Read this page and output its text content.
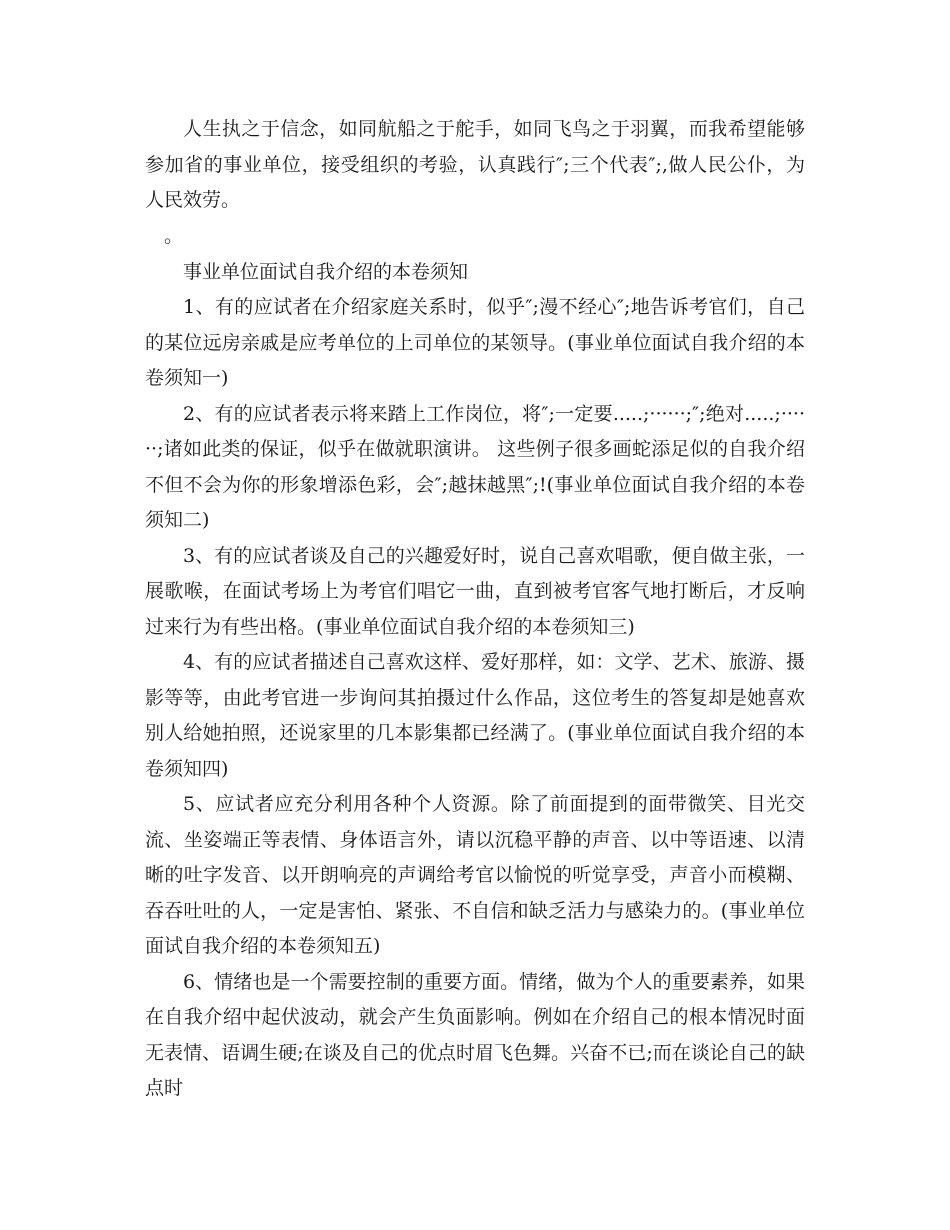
人生执之于信念，如同航船之于舵手，如同飞鸟之于羽翼，而我希望能够参加省的事业单位，接受组织的考验，认真践行″;三个代表″;,做人民公仆，为人民效劳。

。

事业单位面试自我介绍的本卷须知

1、有的应试者在介绍家庭关系时，似乎″;漫不经心″;地告诉考官们，自己的某位远房亲戚是应考单位的上司单位的某领导。(事业单位面试自我介绍的本卷须知一)

2、有的应试者表示将来踏上工作岗位，将″;一定要.....;······;″;绝对.....;······;诸如此类的保证，似乎在做就职演讲。 这些例子很多画蛇添足似的自我介绍不但不会为你的形象增添色彩，会″;越抹越黑″;!(事业单位面试自我介绍的本卷须知二)

3、有的应试者谈及自己的兴趣爱好时，说自己喜欢唱歌，便自做主张，一展歌喉，在面试考场上为考官们唱它一曲，直到被考官客气地打断后，才反响过来行为有些出格。(事业单位面试自我介绍的本卷须知三)

4、有的应试者描述自己喜欢这样、爱好那样，如：文学、艺术、旅游、摄影等等，由此考官进一步询问其拍摄过什么作品，这位考生的答复却是她喜欢别人给她拍照，还说家里的几本影集都已经满了。(事业单位面试自我介绍的本卷须知四)

5、应试者应充分利用各种个人资源。除了前面提到的面带微笑、目光交流、坐姿端正等表情、身体语言外，请以沉稳平静的声音、以中等语速、以清晰的吐字发音、以开朗响亮的声调给考官以愉悦的听觉享受，声音小而模糊、吞吞吐吐的人，一定是害怕、紧张、不自信和缺乏活力与感染力的。(事业单位面试自我介绍的本卷须知五)

6、情绪也是一个需要控制的重要方面。情绪，做为个人的重要素养，如果在自我介绍中起伏波动，就会产生负面影响。例如在介绍自己的根本情况时面无表情、语调生硬;在谈及自己的优点时眉飞色舞。兴奋不已;而在谈论自己的缺点时
